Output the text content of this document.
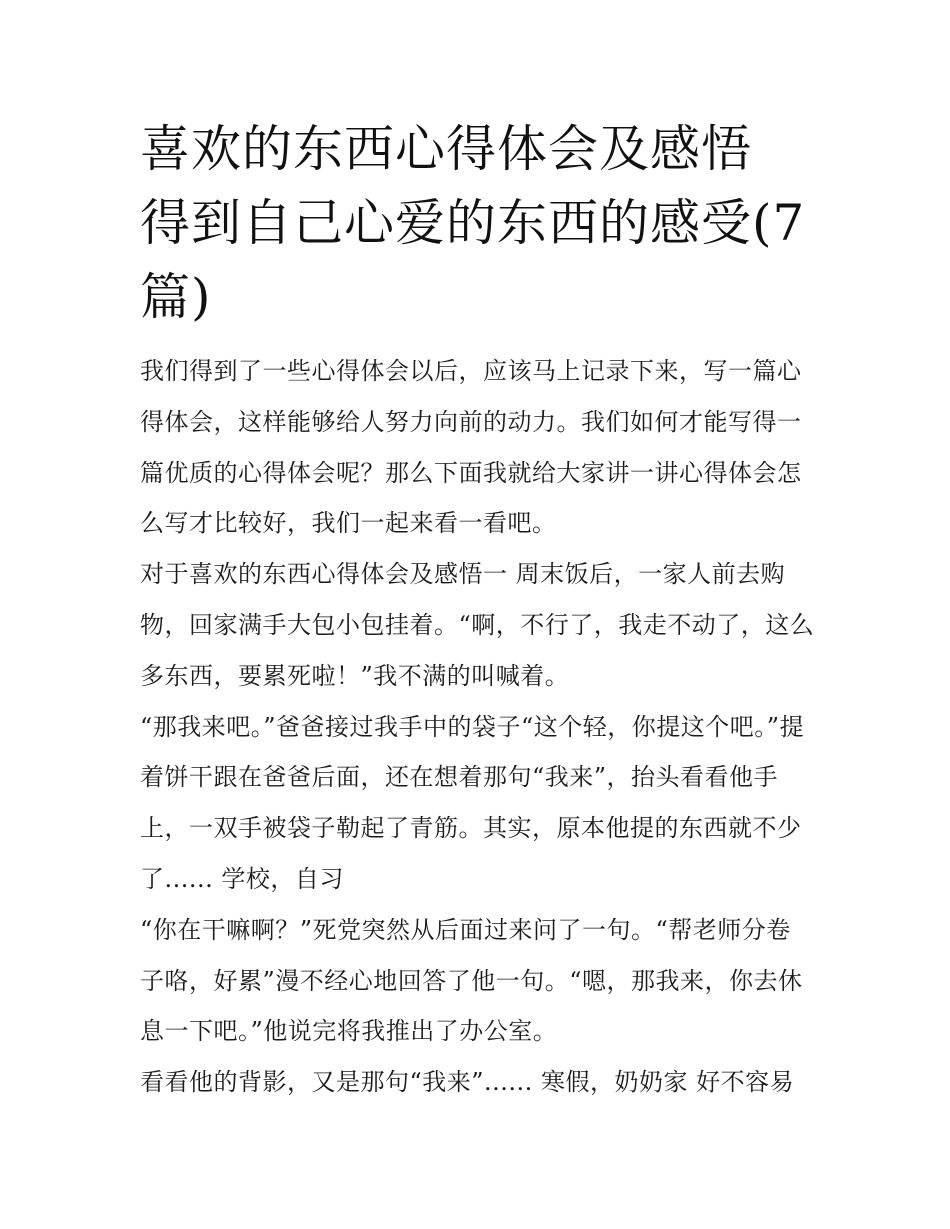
喜欢的东西心得体会及感悟 得到自己心爱的东西的感受(7篇)

我们得到了一些心得体会以后，应该马上记录下来，写一篇心得体会，这样能够给人努力向前的动力。我们如何才能写得一篇优质的心得体会呢？那么下面我就给大家讲一讲心得体会怎么写才比较好，我们一起来看一看吧。

对于喜欢的东西心得体会及感悟一 周末饭后，一家人前去购物，回家满手大包小包挂着。“啊，不行了，我走不动了，这么多东西，要累死啦！”我不满的叫喊着。

“那我来吧。”爸爸接过我手中的袋子“这个轻，你提这个吧。”提着饼干跟在爸爸后面，还在想着那句“我来”，抬头看看他手上，一双手被袋子勒起了青筋。其实，原本他提的东西就不少了...... 学校，自习

“你在干嘛啊？”死党突然从后面过来问了一句。“帮老师分卷子咯，好累”漫不经心地回答了他一句。“嗯，那我来，你去休息一下吧。”他说完将我推出了办公室。

看看他的背影，又是那句“我来”...... 寒假，奶奶家 好不容易
